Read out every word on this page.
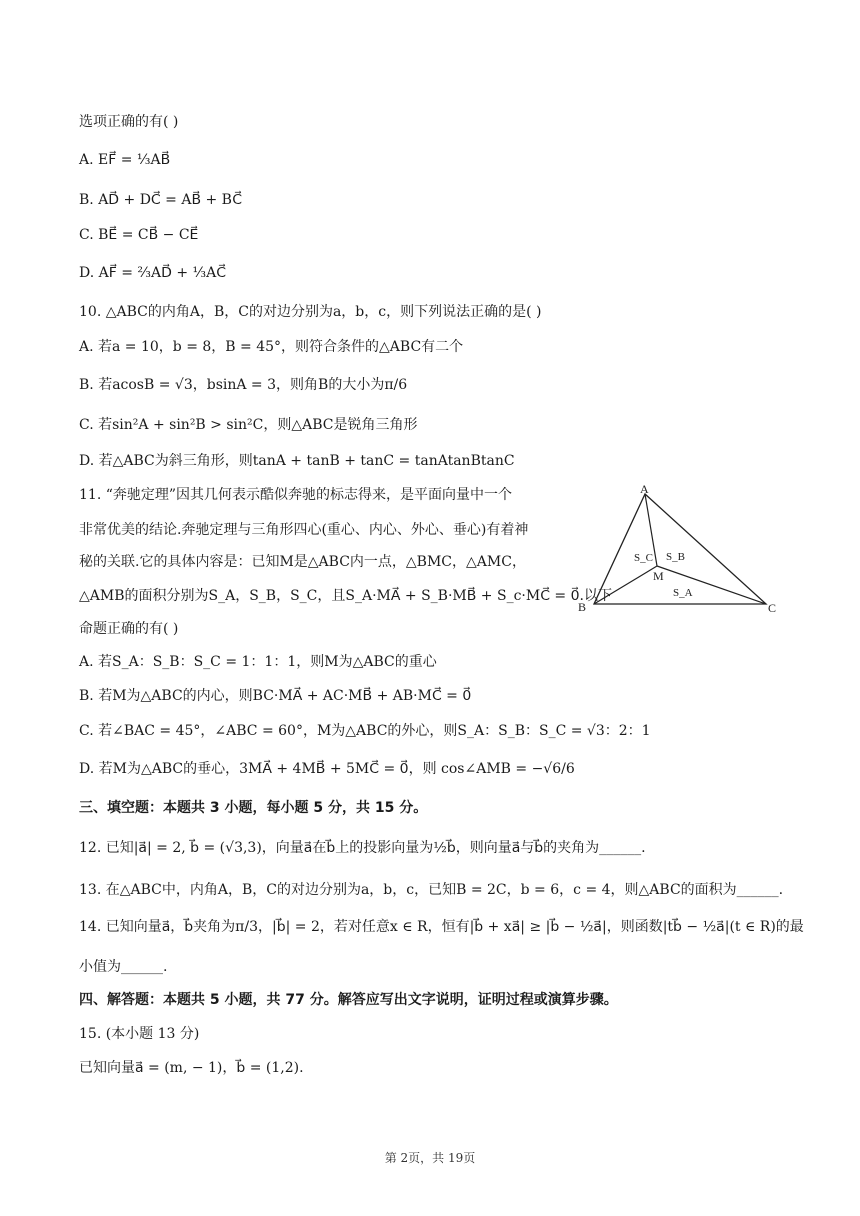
选项正确的有( )
A. EF⃗ = ⅓AB⃗
B. AD⃗ + DC⃗ = AB⃗ + BC⃗
C. BE⃗ = CB⃗ − CE⃗
D. AF⃗ = ⅔AD⃗ + ⅓AC⃗
10. △ABC的内角A，B，C的对边分别为a，b，c，则下列说法正确的是( )
A. 若a = 10，b = 8，B = 45°，则符合条件的△ABC有二个
B. 若acosB = √3，bsinA = 3，则角B的大小为π/6
C. 若sin²A + sin²B > sin²C，则△ABC是锐角三角形
D. 若△ABC为斜三角形，则tanA + tanB + tanC = tanAtanBtanC
11. “奔驰定理”因其几何表示酷似奔驰的标志得来，是平面向量中一个
非常优美的结论.奔驰定理与三角形四心(重心、内心、外心、垂心)有着神
秘的关联.它的具体内容是：已知M是△ABC内一点，△BMC，△AMC，
△AMB的面积分别为S_A，S_B，S_C，且S_A·MA⃗ + S_B·MB⃗ + S_c·MC⃗ = 0⃗.以下
命题正确的有( )
A. 若S_A：S_B：S_C = 1：1：1，则M为△ABC的重心
B. 若M为△ABC的内心，则BC·MA⃗ + AC·MB⃗ + AB·MC⃗ = 0⃗
C. 若∠BAC = 45°，∠ABC = 60°，M为△ABC的外心，则S_A：S_B：S_C = √3：2：1
D. 若M为△ABC的垂心，3MA⃗ + 4MB⃗ + 5MC⃗ = 0⃗，则 cos∠AMB = −√6/6
三、填空题：本题共 3 小题，每小题 5 分，共 15 分。
12. 已知|a⃗| = 2, b⃗ = (√3,3)，向量a⃗在b⃗上的投影向量为½b⃗，则向量a⃗与b⃗的夹角为______.
13. 在△ABC中，内角A，B，C的对边分别为a，b，c，已知B = 2C，b = 6，c = 4，则△ABC的面积为______.
14. 已知向量a⃗，b⃗夹角为π/3，|b⃗| = 2，若对任意x ∈ R，恒有|b⃗ + xa⃗| ≥ |b⃗ − ½a⃗|，则函数|tb⃗ − ½a⃗|(t ∈ R)的最
小值为______.
四、解答题：本题共 5 小题，共 77 分。解答应写出文字说明，证明过程或演算步骤。
15. (本小题 13 分)
已知向量a⃗ = (m, − 1)，b⃗ = (1,2).
A
B	C
M
S_C S_B
S_A
第 2页，共 19页
